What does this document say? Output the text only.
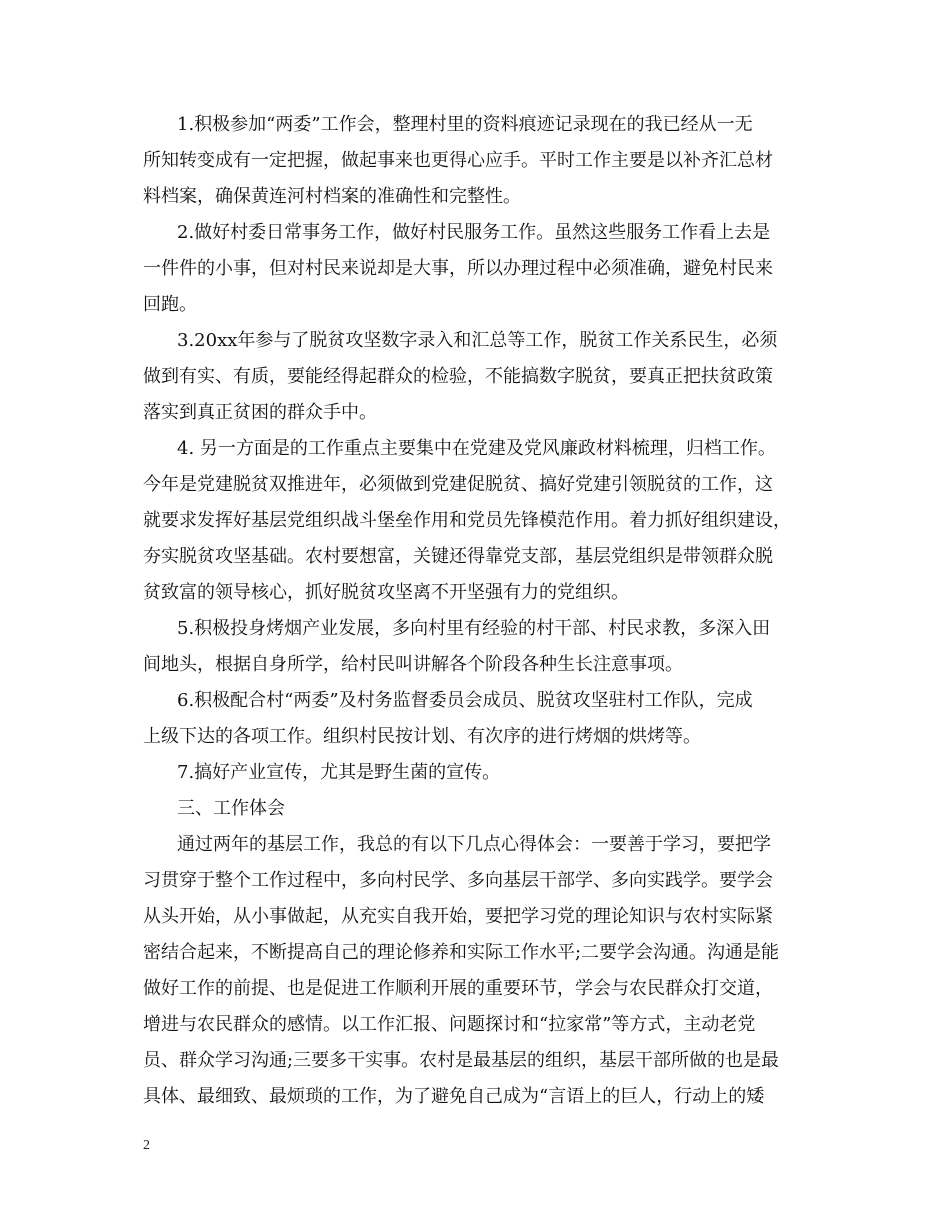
1.积极参加“两委”工作会，整理村里的资料痕迹记录现在的我已经从一无
所知转变成有一定把握，做起事来也更得心应手。平时工作主要是以补齐汇总材
料档案，确保黄连河村档案的准确性和完整性。
2.做好村委日常事务工作，做好村民服务工作。虽然这些服务工作看上去是
一件件的小事，但对村民来说却是大事，所以办理过程中必须准确，避免村民来
回跑。
3.20xx年参与了脱贫攻坚数字录入和汇总等工作，脱贫工作关系民生，必须
做到有实、有质，要能经得起群众的检验，不能搞数字脱贫，要真正把扶贫政策
落实到真正贫困的群众手中。
4. 另一方面是的工作重点主要集中在党建及党风廉政材料梳理，归档工作。
今年是党建脱贫双推进年，必须做到党建促脱贫、搞好党建引领脱贫的工作，这
就要求发挥好基层党组织战斗堡垒作用和党员先锋模范作用。着力抓好组织建设，
夯实脱贫攻坚基础。农村要想富，关键还得靠党支部，基层党组织是带领群众脱
贫致富的领导核心，抓好脱贫攻坚离不开坚强有力的党组织。
5.积极投身烤烟产业发展，多向村里有经验的村干部、村民求教，多深入田
间地头，根据自身所学，给村民叫讲解各个阶段各种生长注意事项。
6.积极配合村“两委”及村务监督委员会成员、脱贫攻坚驻村工作队，完成
上级下达的各项工作。组织村民按计划、有次序的进行烤烟的烘烤等。
7.搞好产业宣传，尤其是野生菌的宣传。
三、工作体会
通过两年的基层工作，我总的有以下几点心得体会：一要善于学习，要把学
习贯穿于整个工作过程中，多向村民学、多向基层干部学、多向实践学。要学会
从头开始，从小事做起，从充实自我开始，要把学习党的理论知识与农村实际紧
密结合起来，不断提高自己的理论修养和实际工作水平;二要学会沟通。沟通是能
做好工作的前提、也是促进工作顺利开展的重要环节，学会与农民群众打交道，
增进与农民群众的感情。以工作汇报、问题探讨和“拉家常”等方式，主动老党
员、群众学习沟通;三要多干实事。农村是最基层的组织，基层干部所做的也是最
具体、最细致、最烦琐的工作，为了避免自己成为“言语上的巨人，行动上的矮
2
